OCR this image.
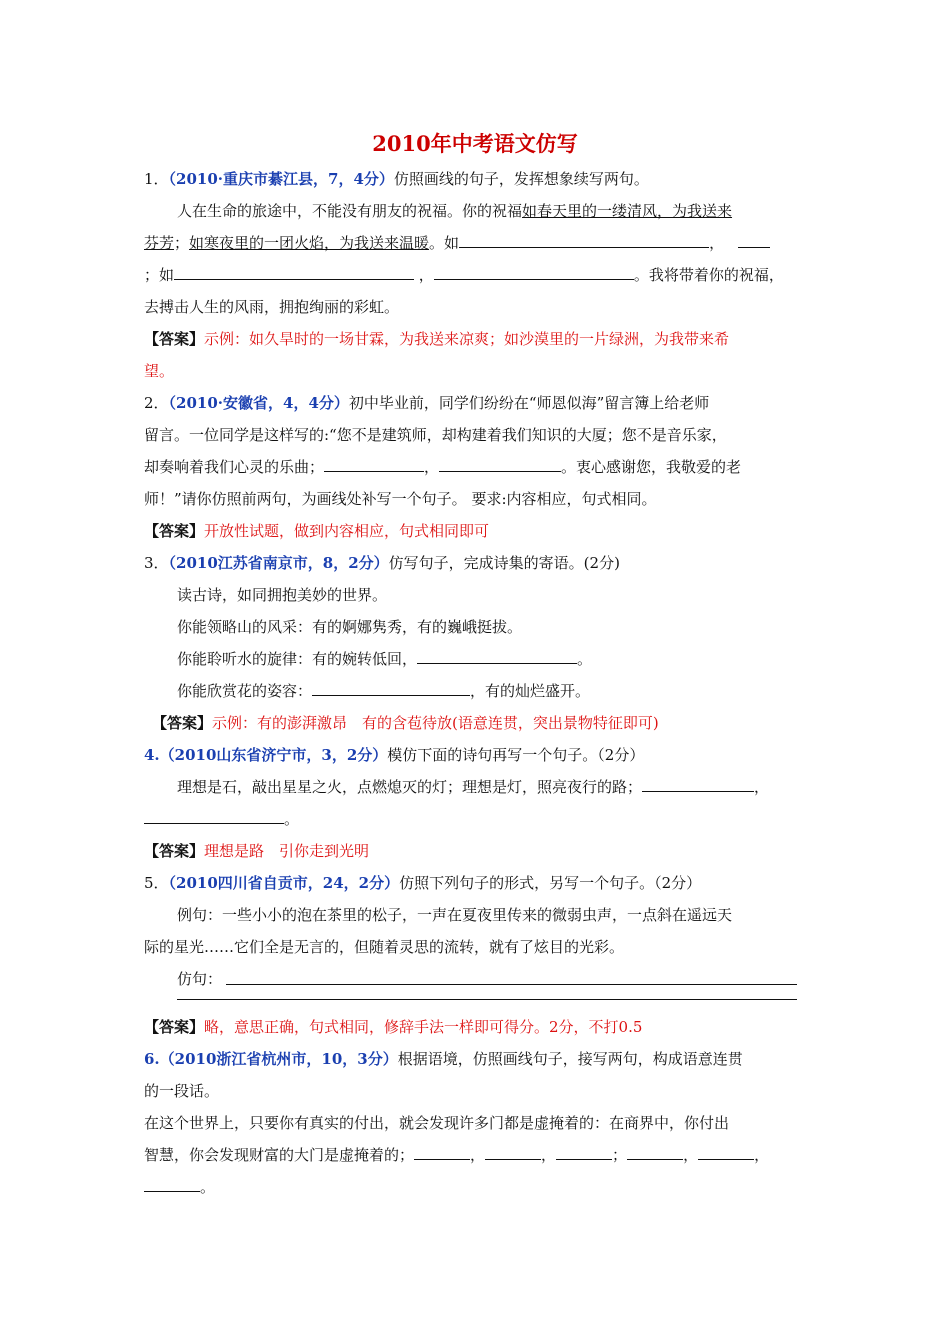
2010年中考语文仿写
1．（2010·重庆市綦江县，7，4分）仿照画线的句子，发挥想象续写两句。
人在生命的旅途中，不能没有朋友的祝福。你的祝福如春天里的一缕清风，为我送来
芬芳；如寒夜里的一团火焰，为我送来温暖。如	，
；如	，	。我将带着你的祝福，
去搏击人生的风雨，拥抱绚丽的彩虹。
【答案】示例：如久旱时的一场甘霖，为我送来凉爽；如沙漠里的一片绿洲，为我带来希
望。
2．（2010·安徽省，4，4分）初中毕业前，同学们纷纷在“师恩似海”留言簿上给老师
留言。一位同学是这样写的:“您不是建筑师，却构建着我们知识的大厦；您不是音乐家，
却奏响着我们心灵的乐曲；	，	。衷心感谢您，我敬爱的老
师！”请你仿照前两句，为画线处补写一个句子。 要求:内容相应，句式相同。
【答案】开放性试题，做到内容相应，句式相同即可
3．（2010江苏省南京市，8，2分）仿写句子，完成诗集的寄语。(2分)
读古诗，如同拥抱美妙的世界。
你能领略山的风采：有的婀娜隽秀，有的巍峨挺拔。
你能聆听水的旋律：有的婉转低回，	。
你能欣赏花的姿容：	，有的灿烂盛开。
【答案】示例：有的澎湃激昂　有的含苞待放(语意连贯，突出景物特征即可)
4.（2010山东省济宁市，3，2分）模仿下面的诗句再写一个句子。（2分）
理想是石，敲出星星之火，点燃熄灭的灯；理想是灯，照亮夜行的路；	，
。
【答案】理想是路　引你走到光明
5．（2010四川省自贡市，24，2分）仿照下列句子的形式，另写一个句子。（2分）
例句：一些小小的泡在茶里的松子，一声在夏夜里传来的微弱虫声，一点斜在遥远天
际的星光……它们全是无言的，但随着灵思的流转，就有了炫目的光彩。
仿句：
【答案】略，意思正确，句式相同，修辞手法一样即可得分。2分，不打0.5
6.（2010浙江省杭州市，10，3分）根据语境，仿照画线句子，接写两句，构成语意连贯
的一段话。
在这个世界上，只要你有真实的付出，就会发现许多门都是虚掩着的：在商界中，你付出
智慧，你会发现财富的大门是虚掩着的；	，	，	；	，	，
。
